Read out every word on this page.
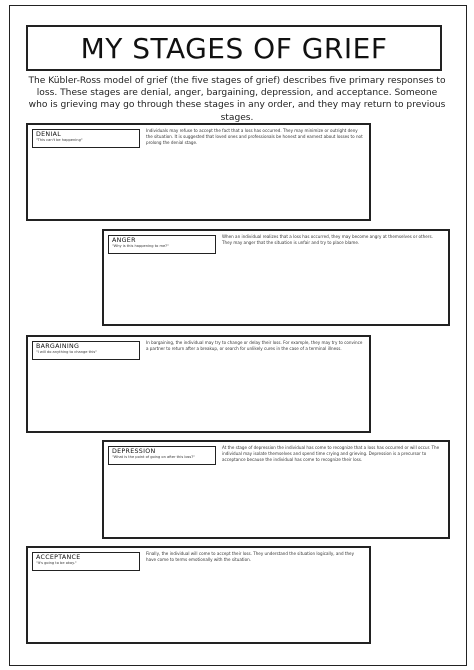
MY STAGES OF GRIEF
The Kübler-Ross model of grief (the five stages of grief) describes five primary responses to loss. These stages are denial, anger, bargaining, depression, and acceptance. Someone who is grieving may go through these stages in any order, and they may return to previous stages.
DENIAL
"This can't be happening"
Individuals may refuse to accept the fact that a loss has occurred. They may minimize or outright deny the situation. It is suggested that loved ones and professionals be honest and earnest about losses to not prolong the denial stage.
ANGER
"Why is this happening to me?"
When an individual realizes that a loss has occurred, they may become angry at themselves or others. They may anger that the situation is unfair and try to place blame.
BARGAINING
"I will do anything to change this"
In bargaining, the individual may try to change or delay their loss. For example, they may try to convince a partner to return after a breakup, or search for unlikely cures in the case of a terminal illness.
DEPRESSION
"What is the point of going on after this loss?"
At the stage of depression the individual has come to recognize that a loss has occurred or will occur. The individual may isolate themselves and spend time crying and grieving. Depression is a precursor to acceptance because the individual has come to recognize their loss.
ACCEPTANCE
"It's going to be okay."
Finally, the individual will come to accept their loss. They understand the situation logically, and they have come to terms emotionally with the situation.
